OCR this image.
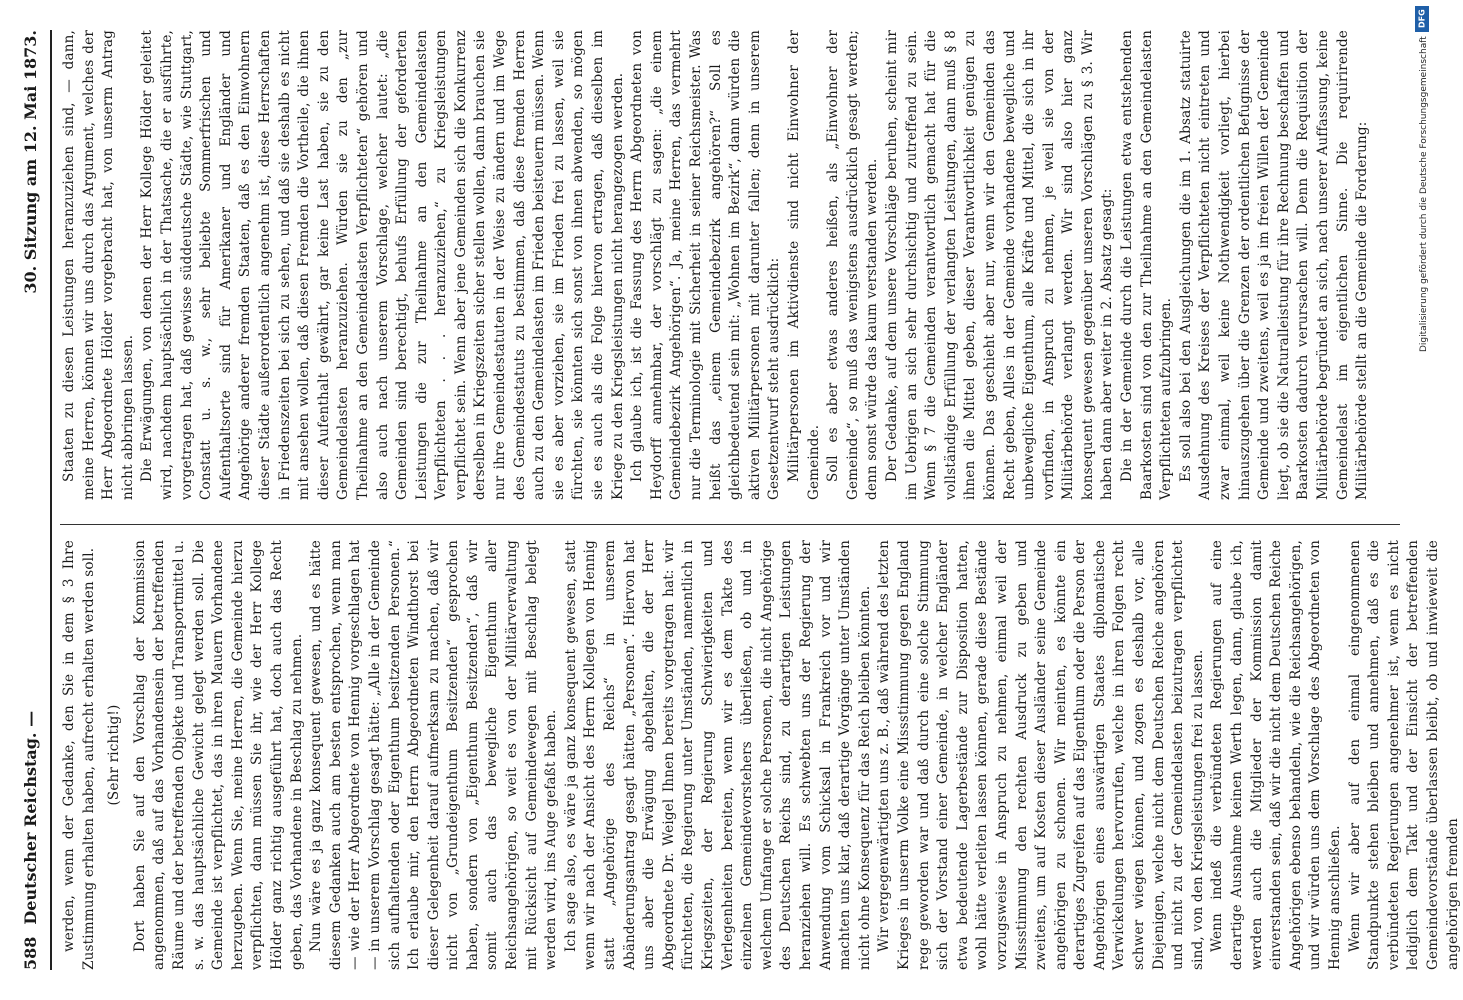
588
Deutscher Reichstag. —
30. Sitzung am 12. Mai 1873.

werden, wenn der Gedanke, den Sie in dem § 3 Ihre Zustimmung erhalten haben, aufrecht erhalten werden soll. (Sehr richtig!) Dort haben Sie auf den Vorschlag der Kommission angenommen, daß auf das Vorhandensein der betreffenden Räume und der betreffenden Objekte und Transportmittel u. s. w. das hauptsächliche Gewicht gelegt werden soll. Die Gemeinde ist verpflichtet, das in ihren Mauern Vorhandene herzugeben. Wenn Sie, meine Herren, die Gemeinde hierzu verpflichten, dann müssen Sie ihr, wie der Herr Kollege Hölder ganz richtig ausgeführt hat, doch auch das Recht geben, das Vorhandene in Beschlag zu nehmen. Nun wäre es ja ganz konsequent gewesen, und es hätte diesem Gedanken auch am besten entsprochen, wenn man — wie der Herr Abgeordnete von Hennig vorgeschlagen hat — in unserem Vorschlag gesagt hätte: „Alle in der Gemeinde sich aufhaltenden oder Eigenthum besitzenden Personen.“ Ich erlaube mir, den Herrn Abgeordneten Windthorst bei dieser Gelegenheit darauf aufmerksam zu machen, daß wir nicht von „Grundeigenthum Besitzenden“ gesprochen haben, sondern von „Eigenthum Besitzenden“, daß wir somit auch das bewegliche Eigenthum aller Reichsangehörigen, so weit es von der Militärverwaltung mit Rücksicht auf Gemeindewegen mit Beschlag belegt werden wird, ins Auge gefaßt haben. Ich sage also, es wäre ja ganz konsequent gewesen, statt wenn wir nach der Ansicht des Herrn Kollegen von Hennig statt „Angehörige des Reichs“ in unserem Abänderungsantrag gesagt hätten „Personen“. Hiervon hat uns aber die Erwägung abgehalten, die der Herr Abgeordnete Dr. Weigel Ihnen bereits vorgetragen hat: wir fürchteten, die Regierung unter Umständen, namentlich in Kriegszeiten, der Regierung Schwierigkeiten und Verlegenheiten bereiten, wenn wir es dem Takte des einzelnen Gemeindevorstehers überließen, ob und in welchem Umfange er solche Personen, die nicht Angehörige des Deutschen Reichs sind, zu derartigen Leistungen heranziehen will. Es schwebten uns der Regierung der Anwendung vom Schicksal in Frankreich vor und wir machten uns klar, daß derartige Vorgänge unter Umständen nicht ohne Konsequenz für das Reich bleiben könnten. Wir vergegenwärtigten uns z. B., daß während des letzten Krieges in unserm Volke eine Missstimmung gegen England rege geworden war und daß durch eine solche Stimmung sich der Vorstand einer Gemeinde, in welcher Engländer etwa bedeutende Lagerbestände zur Disposition hatten, wohl hätte verleiten lassen können, gerade diese Bestände vorzugsweise in Anspruch zu nehmen, einmal weil der Missstimmung den rechten Ausdruck zu geben und zweitens, um auf Kosten dieser Ausländer seine Gemeinde angehörigen zu schonen. Wir meinten, es könnte ein derartiges Zugreifen auf das Eigenthum oder die Person der Angehörigen eines auswärtigen Staates diplomatische Verwickelungen hervorrufen, welche in ihren Folgen recht schwer wiegen können, und zogen es deshalb vor, alle Diejenigen, welche nicht dem Deutschen Reiche angehören und nicht zu der Gemeindelasten beizutragen verpflichtet sind, von den Kriegsleistungen frei zu lassen. Wenn indeß die verbündeten Regierungen auf eine derartige Ausnahme keinen Werth legen, dann, glaube ich, werden auch die Mitglieder der Kommission damit einverstanden sein, daß wir die nicht dem Deutschen Reiche Angehörigen ebenso behandeln, wie die Reichsangehörigen, und wir würden uns dem Vorschlage des Abgeordneten von Hennig anschließen. Wenn wir aber auf den einmal eingenommenen Standpunkte stehen bleiben und annehmen, daß es die verbündeten Regierungen angenehmer ist, wenn es nicht lediglich dem Takt und der Einsicht der betreffenden Gemeindevorstände überlassen bleibt, ob und inwieweit die angehörigen fremden

Staaten zu diesen Leistungen heranzuziehen sind, — dann, meine Herren, können wir uns durch das Argument, welches der Herr Abgeordnete Hölder vorgebracht hat, von unserm Antrag nicht abbringen lassen. Die Erwägungen, von denen der Herr Kollege Hölder geleitet wird, nachdem hauptsächlich in der Thatsache, die er ausführte, vorgetragen hat, daß gewisse süddeutsche Städte, wie Stuttgart, Constatt u. s. w., sehr beliebte Sommerfrischen und Aufenthaltsorte sind für Amerikaner und Engländer und Angehörige anderer fremden Staaten, daß es den Einwohnern dieser Städte außerordentlich angenehm ist, diese Herrschaften in Friedenszeiten bei sich zu sehen, und daß sie deshalb es nicht mit ansehen wollen, daß diesen Fremden die Vortheile, die ihnen dieser Aufenthalt gewährt, gar keine Last haben, sie zu den Gemeindelasten heranzuziehen. Würden sie zu den „zur Theilnahme an den Gemeindelasten Verpflichteten“ gehören und also auch nach unserem Vorschlage, welcher lautet: „die Gemeinden sind berechtigt, behufs Erfüllung der geforderten Leistungen die zur Theilnahme an den Gemeindelasten Verpflichteten . . . heranzuziehen,“ zu Kriegsleistungen verpflichtet sein. Wenn aber jene Gemeinden sich die Konkurrenz derselben in Kriegszeiten sicher stellen wollen, dann brauchen sie nur ihre Gemeindestatuten in der Weise zu ändern und im Wege des Gemeindestatuts zu bestimmen, daß diese fremden Herren auch zu den Gemeindelasten im Frieden beisteuern müssen. Wenn sie es aber vorziehen, sie im Frieden frei zu lassen, weil sie fürchten, sie könnten sich sonst von ihnen abwenden, so mögen sie es auch als die Folge hiervon ertragen, daß dieselben im Kriege zu den Kriegsleistungen nicht herangezogen werden. Ich glaube ich, ist die Fassung des Herrn Abgeordneten von Heydorff annehmbar, der vorschlägt zu sagen: „die einem Gemeindebezirk Angehörigen“. Ja, meine Herren, das vermehrt nur die Terminologie mit Sicherheit in seiner Reichsmeister. Was heißt das „einem Gemeindebezirk angehören?“ Soll es gleichbedeutend sein mit: „Wohnen im Bezirk“, dann würden die aktiven Militärpersonen mit darunter fallen; denn in unserem Gesetzentwurf steht ausdrücklich: Militärpersonen im Aktivdienste sind nicht Einwohner der Gemeinde. Soll es aber etwas anderes heißen, als „Einwohner der Gemeinde“, so muß das wenigstens ausdrücklich gesagt werden; denn sonst würde das kaum verstanden werden. Der Gedanke, auf dem unsere Vorschläge beruhen, scheint mir im Uebrigen an sich sehr durchsichtig und zutreffend zu sein. Wenn § 7 die Gemeinden verantwortlich gemacht hat für die vollständige Erfüllung der verlangten Leistungen, dann muß § 8 ihnen die Mittel geben, dieser Verantwortlichkeit genügen zu können. Das geschieht aber nur, wenn wir den Gemeinden das Recht geben, Alles in der Gemeinde vorhandene bewegliche und unbewegliche Eigenthum, alle Kräfte und Mittel, die sich in ihr vorfinden, in Anspruch zu nehmen, je weil sie von der Militärbehörde verlangt werden. Wir sind also hier ganz konsequent gewesen gegenüber unseren Vorschlägen zu § 3. Wir haben dann aber weiter in 2. Absatz gesagt: Die in der Gemeinde durch die Leistungen etwa entstehenden Baarkosten sind von den zur Theilnahme an den Gemeindelasten Verpflichteten aufzubringen. Es soll also bei den Ausgleichungen die im 1. Absatz statuirte Ausdehnung des Kreises der Verpflichteten nicht eintreten und zwar einmal, weil keine Nothwendigkeit vorliegt, hierbei hinauszugehen über die Grenzen der ordentlichen Befugnisse der Gemeinde und zweitens, weil es ja im freien Willen der Gemeinde liegt, ob sie die Naturalleistung für ihre Rechnung beschaffen und Baarkosten dadurch verursachen will. Denn die Requisition der Militärbehörde begründet an sich, nach unserer Auffassung, keine Gemeindelast im eigentlichen Sinne. Die requirirende Militärbehörde stellt an die Gemeinde die Forderung:

DFG
Digitalisierung gefördert durch die Deutsche Forschungsgemeinschaft
